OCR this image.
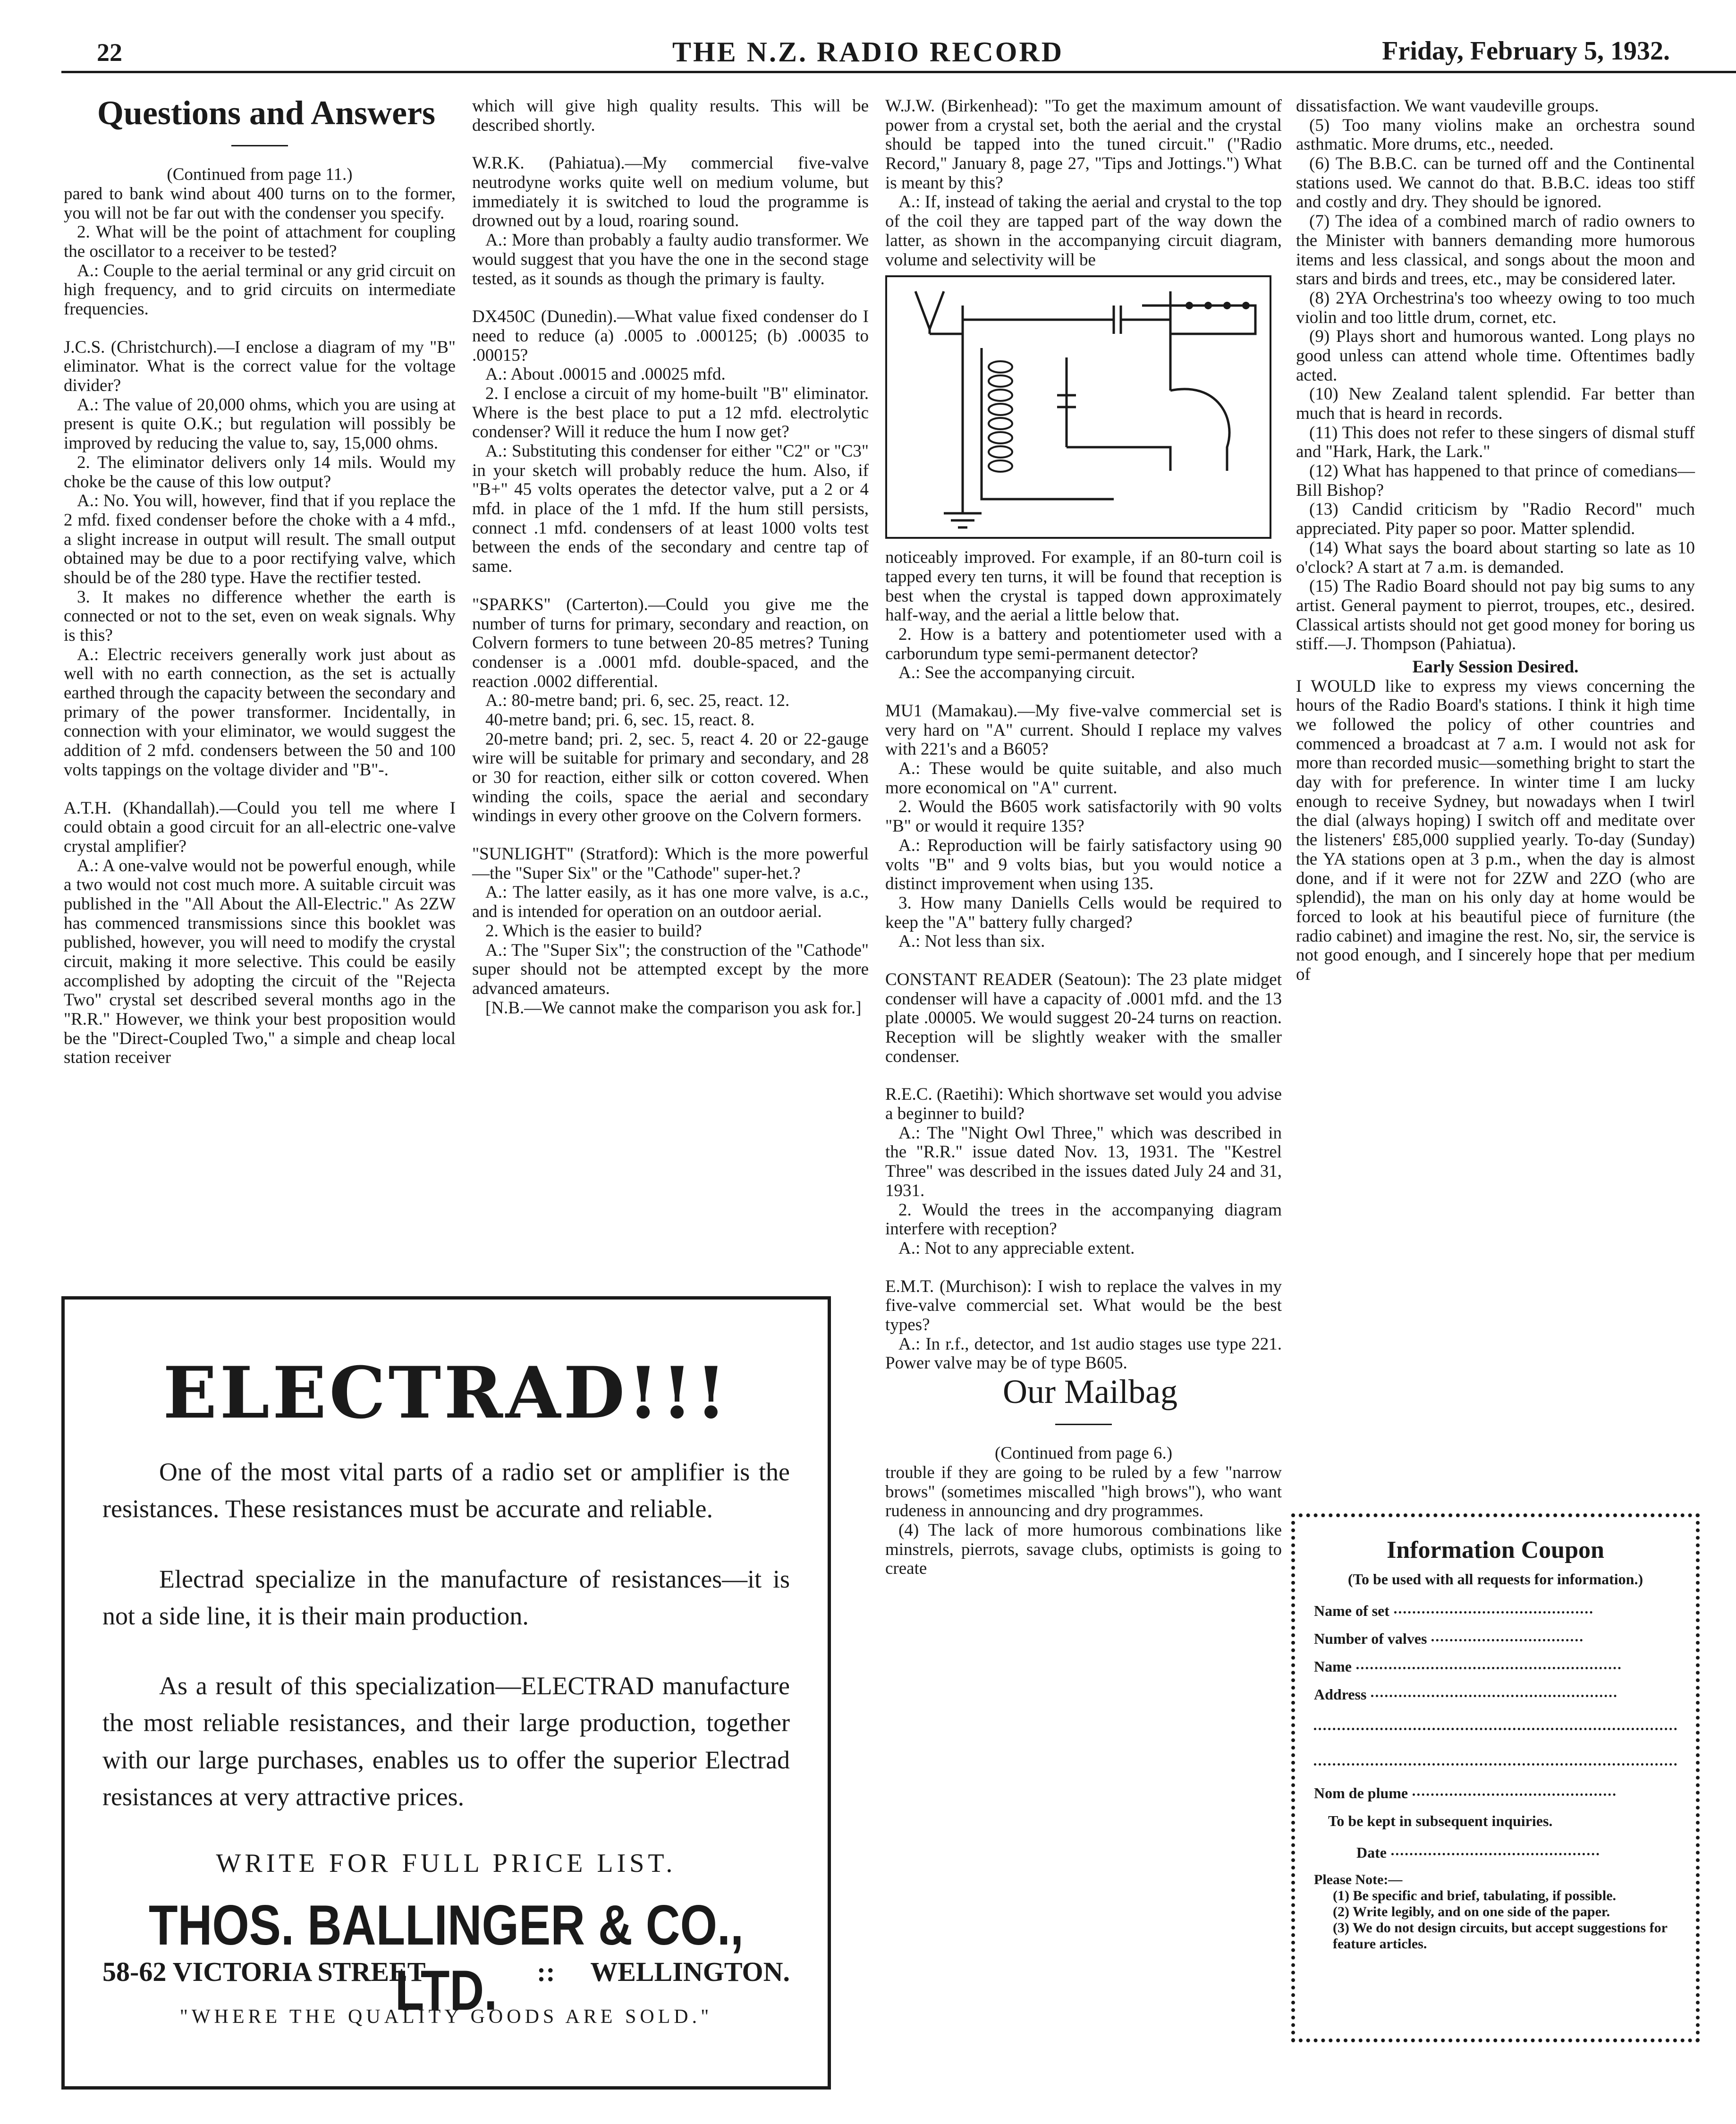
22	THE N.Z. RADIO RECORD	Friday, February 5, 1932.

Questions and Answers

(Continued from page 11.)

pared to bank wind about 400 turns on to the former, you will not be far out with the condenser you specify.

2. What will be the point of attachment for coupling the oscillator to a receiver to be tested?

A.: Couple to the aerial terminal or any grid circuit on high frequency, and to grid circuits on intermediate frequencies.

J.C.S. (Christchurch).—I enclose a diagram of my "B" eliminator. What is the correct value for the voltage divider?

A.: The value of 20,000 ohms, which you are using at present is quite O.K.; but regulation will possibly be improved by reducing the value to, say, 15,000 ohms.

2. The eliminator delivers only 14 mils. Would my choke be the cause of this low output?

A.: No. You will, however, find that if you replace the 2 mfd. fixed condenser before the choke with a 4 mfd., a slight increase in output will result. The small output obtained may be due to a poor rectifying valve, which should be of the 280 type. Have the rectifier tested.

3. It makes no difference whether the earth is connected or not to the set, even on weak signals. Why is this?

A.: Electric receivers generally work just about as well with no earth connection, as the set is actually earthed through the capacity between the secondary and primary of the power transformer. Incidentally, in connection with your eliminator, we would suggest the addition of 2 mfd. condensers between the 50 and 100 volts tappings on the voltage divider and "B"-.

A.T.H. (Khandallah).—Could you tell me where I could obtain a good circuit for an all-electric one-valve crystal amplifier?

A.: A one-valve would not be powerful enough, while a two would not cost much more. A suitable circuit was published in the "All About the All-Electric." As 2ZW has commenced transmissions since this booklet was published, however, you will need to modify the crystal circuit, making it more selective. This could be easily accomplished by adopting the circuit of the "Rejecta Two" crystal set described several months ago in the "R.R." However, we think your best proposition would be the "Direct-Coupled Two," a simple and cheap local station receiver

which will give high quality results. This will be described shortly.

W.R.K. (Pahiatua).—My commercial five-valve neutrodyne works quite well on medium volume, but immediately it is switched to loud the programme is drowned out by a loud, roaring sound.

A.: More than probably a faulty audio transformer. We would suggest that you have the one in the second stage tested, as it sounds as though the primary is faulty.

DX450C (Dunedin).—What value fixed condenser do I need to reduce (a) .0005 to .000125; (b) .00035 to .00015?

A.: About .00015 and .00025 mfd.

2. I enclose a circuit of my home-built "B" eliminator. Where is the best place to put a 12 mfd. electrolytic condenser? Will it reduce the hum I now get?

A.: Substituting this condenser for either "C2" or "C3" in your sketch will probably reduce the hum. Also, if "B+" 45 volts operates the detector valve, put a 2 or 4 mfd. in place of the 1 mfd. If the hum still persists, connect .1 mfd. condensers of at least 1000 volts test between the ends of the secondary and centre tap of same.

"SPARKS" (Carterton).—Could you give me the number of turns for primary, secondary and reaction, on Colvern formers to tune between 20-85 metres? Tuning condenser is a .0001 mfd. double-spaced, and the reaction .0002 differential.

A.: 80-metre band; pri. 6, sec. 25, react. 12.

40-metre band; pri. 6, sec. 15, react. 8.

20-metre band; pri. 2, sec. 5, react 4. 20 or 22-gauge wire will be suitable for primary and secondary, and 28 or 30 for reaction, either silk or cotton covered. When winding the coils, space the aerial and secondary windings in every other groove on the Colvern formers.

"SUNLIGHT" (Stratford): Which is the more powerful—the "Super Six" or the "Cathode" super-het.?

A.: The latter easily, as it has one more valve, is a.c., and is intended for operation on an outdoor aerial.

2. Which is the easier to build?

A.: The "Super Six"; the construction of the "Cathode" super should not be attempted except by the more advanced amateurs.

[N.B.—We cannot make the comparison you ask for.]

W.J.W. (Birkenhead): "To get the maximum amount of power from a crystal set, both the aerial and the crystal should be tapped into the tuned circuit." ("Radio Record," January 8, page 27, "Tips and Jottings.") What is meant by this?

A.: If, instead of taking the aerial and crystal to the top of the coil they are tapped part of the way down the latter, as shown in the accompanying circuit diagram, volume and selectivity will be

noticeably improved. For example, if an 80-turn coil is tapped every ten turns, it will be found that reception is best when the crystal is tapped down approximately half-way, and the aerial a little below that.

2. How is a battery and potentiometer used with a carborundum type semi-permanent detector?

A.: See the accompanying circuit.

MU1 (Mamakau).—My five-valve commercial set is very hard on "A" current. Should I replace my valves with 221's and a B605?

A.: These would be quite suitable, and also much more economical on "A" current.

2. Would the B605 work satisfactorily with 90 volts "B" or would it require 135?

A.: Reproduction will be fairly satisfactory using 90 volts "B" and 9 volts bias, but you would notice a distinct improvement when using 135.

3. How many Daniells Cells would be required to keep the "A" battery fully charged?

A.: Not less than six.

CONSTANT READER (Seatoun): The 23 plate midget condenser will have a capacity of .0001 mfd. and the 13 plate .00005. We would suggest 20-24 turns on reaction. Reception will be slightly weaker with the smaller condenser.

R.E.C. (Raetihi): Which shortwave set would you advise a beginner to build?

A.: The "Night Owl Three," which was described in the "R.R." issue dated Nov. 13, 1931. The "Kestrel Three" was described in the issues dated July 24 and 31, 1931.

2. Would the trees in the accompanying diagram interfere with reception?

A.: Not to any appreciable extent.

E.M.T. (Murchison): I wish to replace the valves in my five-valve commercial set. What would be the best types?

A.: In r.f., detector, and 1st audio stages use type 221. Power valve may be of type B605.

Our Mailbag

(Continued from page 6.)

trouble if they are going to be ruled by a few "narrow brows" (sometimes miscalled "high brows"), who want rudeness in announcing and dry programmes.

(4) The lack of more humorous combinations like minstrels, pierrots, savage clubs, optimists is going to create

dissatisfaction. We want vaudeville groups.

(5) Too many violins make an orchestra sound asthmatic. More drums, etc., needed.

(6) The B.B.C. can be turned off and the Continental stations used. We cannot do that. B.B.C. ideas too stiff and costly and dry. They should be ignored.

(7) The idea of a combined march of radio owners to the Minister with banners demanding more humorous items and less classical, and songs about the moon and stars and birds and trees, etc., may be considered later.

(8) 2YA Orchestrina's too wheezy owing to too much violin and too little drum, cornet, etc.

(9) Plays short and humorous wanted. Long plays no good unless can attend whole time. Oftentimes badly acted.

(10) New Zealand talent splendid. Far better than much that is heard in records.

(11) This does not refer to these singers of dismal stuff and "Hark, Hark, the Lark."

(12) What has happened to that prince of comedians—Bill Bishop?

(13) Candid criticism by "Radio Record" much appreciated. Pity paper so poor. Matter splendid.

(14) What says the board about starting so late as 10 o'clock? A start at 7 a.m. is demanded.

(15) The Radio Board should not pay big sums to any artist. General payment to pierrot, troupes, etc., desired. Classical artists should not get good money for boring us stiff.—J. Thompson (Pahiatua).

Early Session Desired.

I WOULD like to express my views concerning the hours of the Radio Board's stations. I think it high time we followed the policy of other countries and commenced a broadcast at 7 a.m. I would not ask for more than recorded music—something bright to start the day with for preference. In winter time I am lucky enough to receive Sydney, but nowadays when I twirl the dial (always hoping) I switch off and meditate over the listeners' £85,000 supplied yearly. To-day (Sunday) the YA stations open at 3 p.m., when the day is almost done, and if it were not for 2ZW and 2ZO (who are splendid), the man on his only day at home would be forced to look at his beautiful piece of furniture (the radio cabinet) and imagine the rest. No, sir, the service is not good enough, and I sincerely hope that per medium of

ELECTRAD!!!

One of the most vital parts of a radio set or amplifier is the resistances. These resistances must be accurate and reliable.

Electrad specialize in the manufacture of resistances—it is not a side line, it is their main production.

As a result of this specialization—ELECTRAD manufacture the most reliable resistances, and their large production, together with our large purchases, enables us to offer the superior Electrad resistances at very attractive prices.

WRITE FOR FULL PRICE LIST.

THOS. BALLINGER & CO., LTD.

58-62 VICTORIA STREET	:: WELLINGTON.
"WHERE THE QUALITY GOODS ARE SOLD."
Information Coupon

(To be used with all requests for information.)

Name of set
Number of valves
Name
Address
Nom de plume
To be kept in subsequent inquiries.
Date

Please Note:—

(1) Be specific and brief, tabulating, if possible.
(2) Write legibly, and on one side of the paper.
(3) We do not design circuits, but accept suggestions for feature articles.
